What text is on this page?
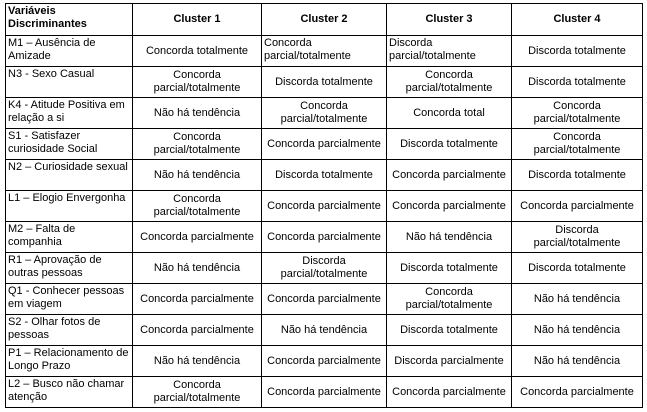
Variáveis Discriminantes	Cluster 1	Cluster 2	Cluster 3	Cluster 4
M1 – Ausência de Amizade	Concorda totalmente	Concorda parcial/totalmente	Discorda parcial/totalmente	Discorda totalmente
N3 - Sexo Casual	Concorda parcial/totalmente	Discorda totalmente	Concorda parcial/totalmente	Discorda totalmente
K4 - Atitude Positiva em relação a si	Não há tendência	Concorda parcial/totalmente	Concorda total	Concorda parcial/totalmente
S1 - Satisfazer curiosidade Social	Concorda parcial/totalmente	Concorda parcialmente	Discorda totalmente	Concorda parcial/totalmente
N2 – Curiosidade sexual	Não há tendência	Discorda totalmente	Concorda parcialmente	Discorda totalmente
L1 – Elogio Envergonha	Concorda parcial/totalmente	Concorda parcialmente	Concorda parcialmente	Concorda parcialmente
M2 – Falta de companhia	Concorda parcialmente	Concorda parcialmente	Não há tendência	Discorda parcial/totalmente
R1 – Aprovação de outras pessoas	Não há tendência	Discorda parcial/totalmente	Discorda totalmente	Discorda totalmente
Q1 - Conhecer pessoas em viagem	Concorda parcialmente	Concorda parcialmente	Concorda parcial/totalmente	Não há tendência
S2 - Olhar fotos de pessoas	Concorda parcialmente	Não há tendência	Discorda totalmente	Não há tendência
P1 – Relacionamento de Longo Prazo	Não há tendência	Concorda parcialmente	Discorda parcialmente	Não há tendência
L2 – Busco não chamar atenção	Concorda parcial/totalmente	Concorda parcialmente	Concorda parcialmente	Concorda parcialmente
